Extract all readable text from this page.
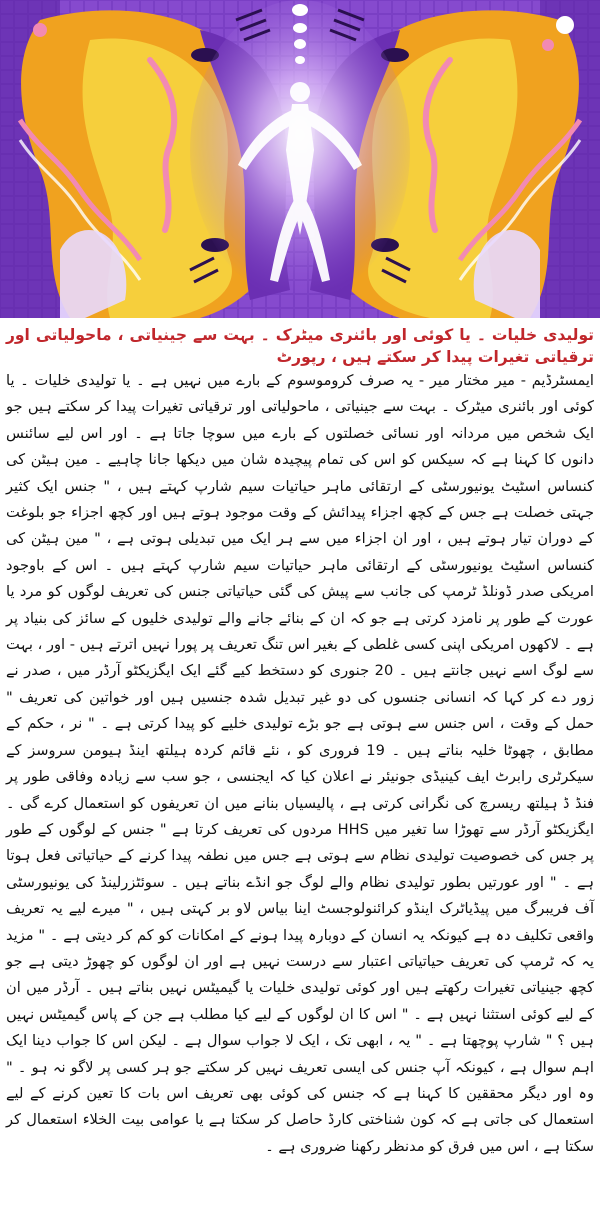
تولیدی خلیات ۔ یا کوئی اور بائنری میٹرک ۔ بہت سے جینیاتی ، ماحولیاتی اور ترقیاتی تغیرات پیدا کر سکتے ہیں ، رپورٹ

ایمسٹرڈیم - میر مختار میر - یہ صرف کروموسوم کے بارے میں نہیں ہے ۔ یا تولیدی خلیات ۔ یا کوئی اور بائنری میٹرک ۔ بہت سے جینیاتی ، ماحولیاتی اور ترقیاتی تغیرات پیدا کر سکتے ہیں جو ایک شخص میں مردانہ اور نسائی خصلتوں کے بارے میں سوچا جاتا ہے ۔ اور اس لیے سائنس دانوں کا کہنا ہے کہ سیکس کو اس کی تمام پیچیدہ شان میں دیکھا جانا چاہیے ۔ مین ہیٹن کی کنساس اسٹیٹ یونیورسٹی کے ارتقائی ماہر حیاتیات سیم شارپ کہتے ہیں ، " جنس ایک کثیر جہتی خصلت ہے جس کے کچھ اجزاء پیدائش کے وقت موجود ہوتے ہیں اور کچھ اجزاء جو بلوغت کے دوران تیار ہوتے ہیں ، اور ان اجزاء میں سے ہر ایک میں تبدیلی ہوتی ہے ، " مین ہیٹن کی کنساس اسٹیٹ یونیورسٹی کے ارتقائی ماہر حیاتیات سیم شارپ کہتے ہیں ۔ اس کے باوجود امریکی صدر ڈونلڈ ٹرمپ کی جانب سے پیش کی گئی حیاتیاتی جنس کی تعریف لوگوں کو مرد یا عورت کے طور پر نامزد کرتی ہے جو کہ ان کے بنائے جانے والے تولیدی خلیوں کے سائز کی بنیاد پر ہے ۔ لاکھوں امریکی اپنی کسی غلطی کے بغیر اس تنگ تعریف پر پورا نہیں اترتے ہیں - اور ، بہت سے لوگ اسے نہیں جانتے ہیں ۔ 20 جنوری کو دستخط کیے گئے ایک ایگزیکٹو آرڈر میں ، صدر نے زور دے کر کہا کہ انسانی جنسوں کی دو غیر تبدیل شدہ جنسیں ہیں اور خواتین کی تعریف " حمل کے وقت ، اس جنس سے ہوتی ہے جو بڑے تولیدی خلیے کو پیدا کرتی ہے ۔ " نر ، حکم کے مطابق ، چھوٹا خلیہ بناتے ہیں ۔ 19 فروری کو ، نئے قائم کردہ ہیلتھ اینڈ ہیومن سروسز کے سیکرٹری رابرٹ ایف کینیڈی جونیئر نے اعلان کیا کہ ایجنسی ، جو سب سے زیادہ وفاقی طور پر فنڈ ڈ ہیلتھ ریسرچ کی نگرانی کرتی ہے ، پالیسیاں بنانے میں ان تعریفوں کو استعمال کرے گی ۔ ایگزیکٹو آرڈر سے تھوڑا سا تغیر میں HHS مردوں کی تعریف کرتا ہے " جنس کے لوگوں کے طور پر جس کی خصوصیت تولیدی نظام سے ہوتی ہے جس میں نطفہ پیدا کرنے کے حیاتیاتی فعل ہوتا ہے ۔ " اور عورتیں بطور تولیدی نظام والے لوگ جو انڈے بناتے ہیں ۔ سوئٹزرلینڈ کی یونیورسٹی آف فریبرگ میں پیڈیاٹرک اینڈو کرائنولوجسٹ اینا بیاس لاو بر کہتی ہیں ، " میرے لیے یہ تعریف واقعی تکلیف دہ ہے کیونکہ یہ انسان کے دوبارہ پیدا ہونے کے امکانات کو کم کر دیتی ہے ۔ " مزید یہ کہ ٹرمپ کی تعریف حیاتیاتی اعتبار سے درست نہیں ہے اور ان لوگوں کو چھوڑ دیتی ہے جو کچھ جینیاتی تغیرات رکھتے ہیں اور کوئی تولیدی خلیات یا گیمیٹس نہیں بناتے ہیں ۔ آرڈر میں ان کے لیے کوئی استثنا نہیں ہے ۔ " اس کا ان لوگوں کے لیے کیا مطلب ہے جن کے پاس گیمیٹس نہیں ہیں ؟ " شارپ پوچھتا ہے ۔ " یہ ، ابھی تک ، ایک لا جواب سوال ہے ۔ لیکن اس کا جواب دینا ایک اہم سوال ہے ، کیونکہ آپ جنس کی ایسی تعریف نہیں کر سکتے جو ہر کسی پر لاگو نہ ہو ۔ " وہ اور دیگر محققین کا کہنا ہے کہ جنس کی کوئی بھی تعریف اس بات کا تعین کرنے کے لیے استعمال کی جاتی ہے کہ کون شناختی کارڈ حاصل کر سکتا ہے یا عوامی بیت الخلاء استعمال کر سکتا ہے ، اس میں فرق کو مدنظر رکھنا ضروری ہے ۔
